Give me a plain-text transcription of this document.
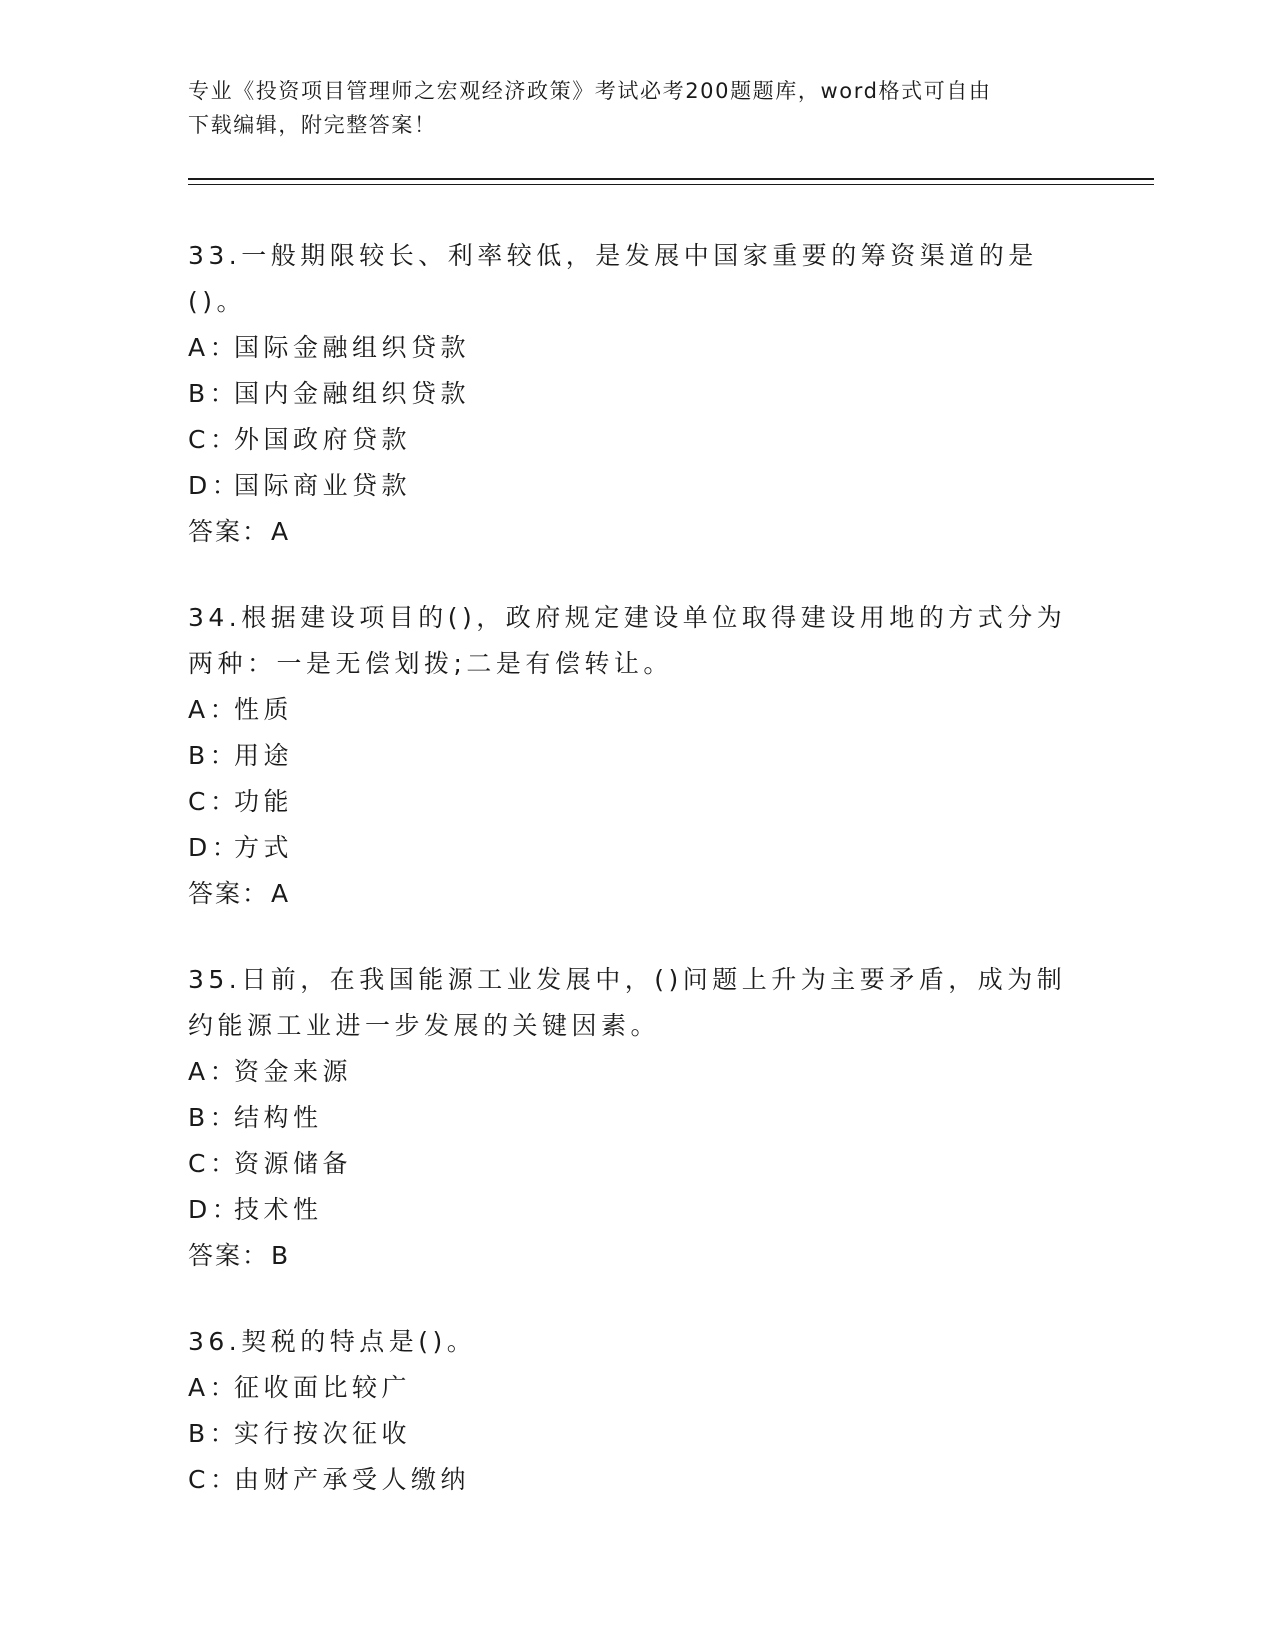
专业《投资项目管理师之宏观经济政策》考试必考200题题库，word格式可自由
下载编辑，附完整答案！
33.一般期限较长、利率较低，是发展中国家重要的筹资渠道的是()。
A：国际金融组织贷款
B：国内金融组织贷款
C：外国政府贷款
D：国际商业贷款
答案：A
34.根据建设项目的()，政府规定建设单位取得建设用地的方式分为两种：一是无偿划拨;二是有偿转让。
A：性质
B：用途
C：功能
D：方式
答案：A
35.日前，在我国能源工业发展中，()问题上升为主要矛盾，成为制约能源工业进一步发展的关键因素。
A：资金来源
B：结构性
C：资源储备
D：技术性
答案：B
36.契税的特点是()。
A：征收面比较广
B：实行按次征收
C：由财产承受人缴纳
